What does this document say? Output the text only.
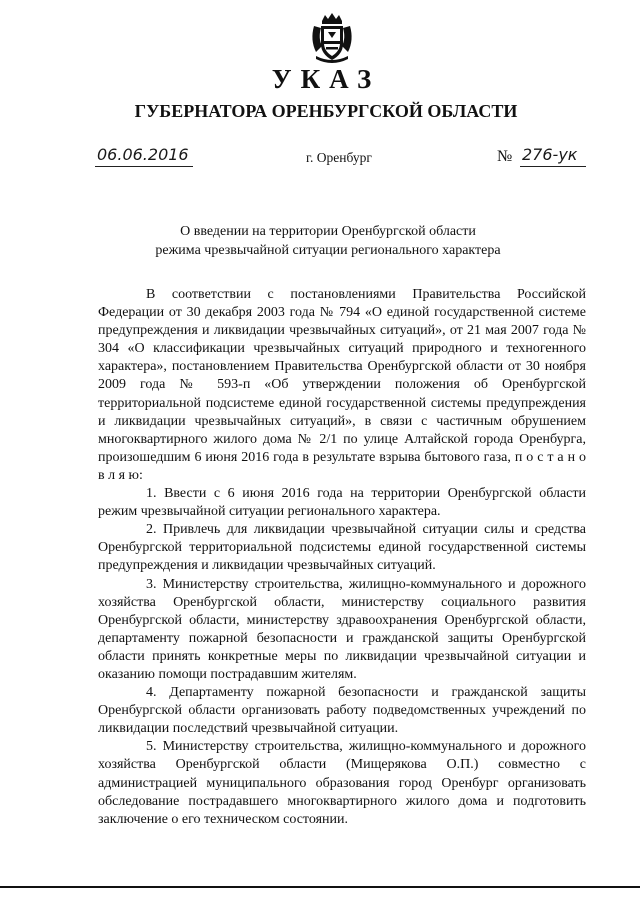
УКАЗ
ГУБЕРНАТОРА ОРЕНБУРГСКОЙ ОБЛАСТИ
06.06.2016	г. Оренбург	№ 276-ук
О введении на территории Оренбургской области
режима чрезвычайной ситуации регионального характера

В соответствии с постановлениями Правительства Российской Федерации от 30 декабря 2003 года № 794 «О единой государственной системе предупреждения и ликвидации чрезвычайных ситуаций», от 21 мая 2007 года № 304 «О классификации чрезвычайных ситуаций природного и техногенного характера», постановлением Правительства Оренбургской области от 30 ноября 2009 года № 593-п «Об утверждении положения об Оренбургской территориальной подсистеме единой государственной системы предупреждения и ликвидации чрезвычайных ситуаций», в связи с частичным обрушением многоквартирного жилого дома № 2/1 по улице Алтайской города Оренбурга, произошедшим 6 июня 2016 года в результате взрыва бытового газа, п о с т а н о в л я ю:

1. Ввести с 6 июня 2016 года на территории Оренбургской области режим чрезвычайной ситуации регионального характера.

2. Привлечь для ликвидации чрезвычайной ситуации силы и средства Оренбургской территориальной подсистемы единой государственной системы предупреждения и ликвидации чрезвычайных ситуаций.

3. Министерству строительства, жилищно-коммунального и дорожного хозяйства Оренбургской области, министерству социального развития Оренбургской области, министерству здравоохранения Оренбургской области, департаменту пожарной безопасности и гражданской защиты Оренбургской области принять конкретные меры по ликвидации чрезвычайной ситуации и оказанию помощи пострадавшим жителям.

4. Департаменту пожарной безопасности и гражданской защиты Оренбургской области организовать работу подведомственных учреждений по ликвидации последствий чрезвычайной ситуации.

5. Министерству строительства, жилищно-коммунального и дорожного хозяйства Оренбургской области (Мищерякова О.П.) совместно с администрацией муниципального образования город Оренбург организовать обследование пострадавшего многоквартирного жилого дома и подготовить заключение о его техническом состоянии.
